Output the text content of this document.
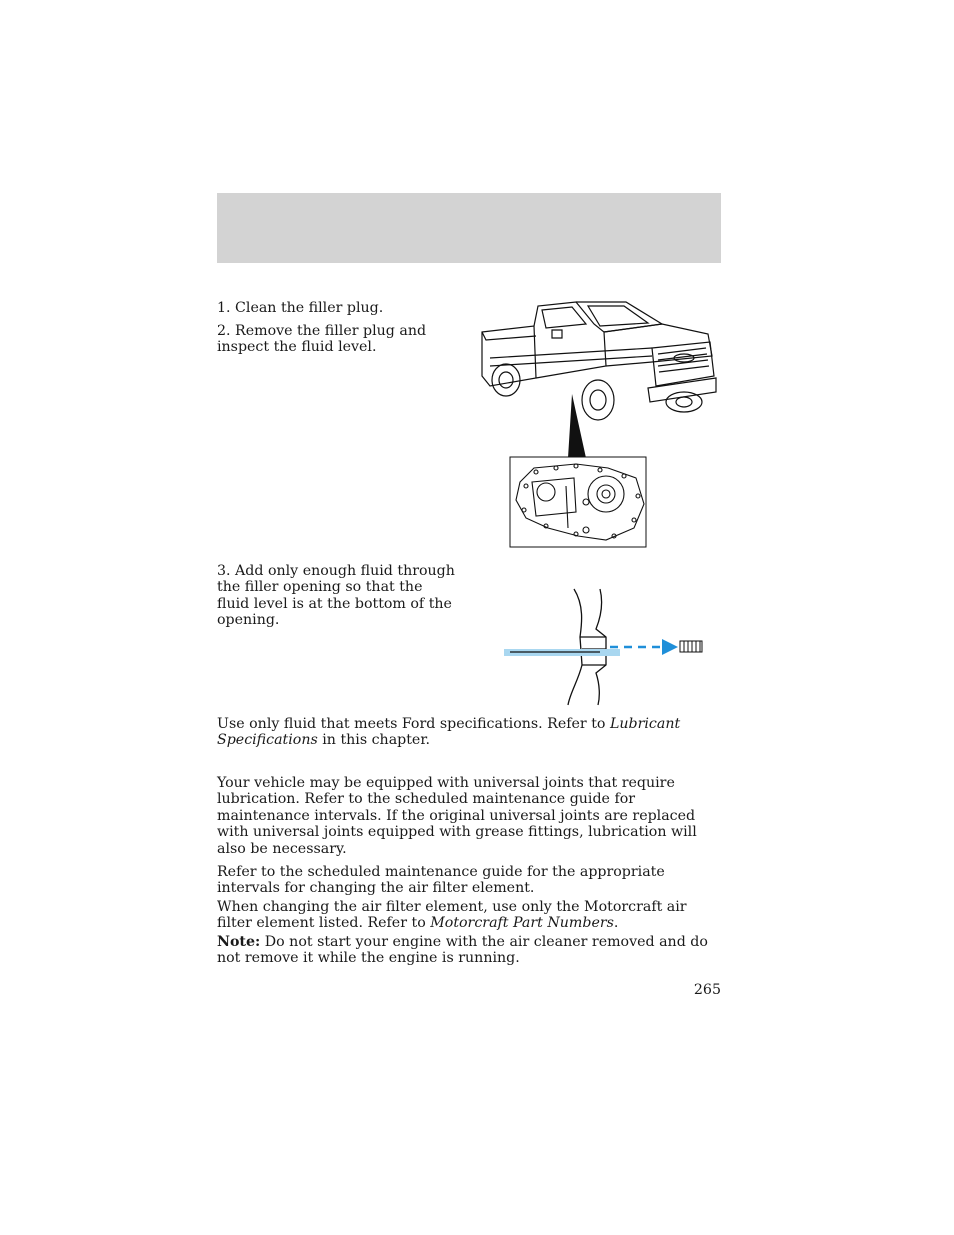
1. Clean the filler plug.

2. Remove the filler plug and inspect the fluid level.

3. Add only enough fluid through the filler opening so that the fluid level is at the bottom of the opening.

Use only fluid that meets Ford specifications. Refer to Lubricant Specifications in this chapter.

Your vehicle may be equipped with universal joints that require lubrication. Refer to the scheduled maintenance guide for maintenance intervals. If the original universal joints are replaced with universal joints equipped with grease fittings, lubrication will also be necessary.

Refer to the scheduled maintenance guide for the appropriate intervals for changing the air filter element.

When changing the air filter element, use only the Motorcraft air filter element listed. Refer to Motorcraft Part Numbers.

Note: Do not start your engine with the air cleaner removed and do not remove it while the engine is running.

265
